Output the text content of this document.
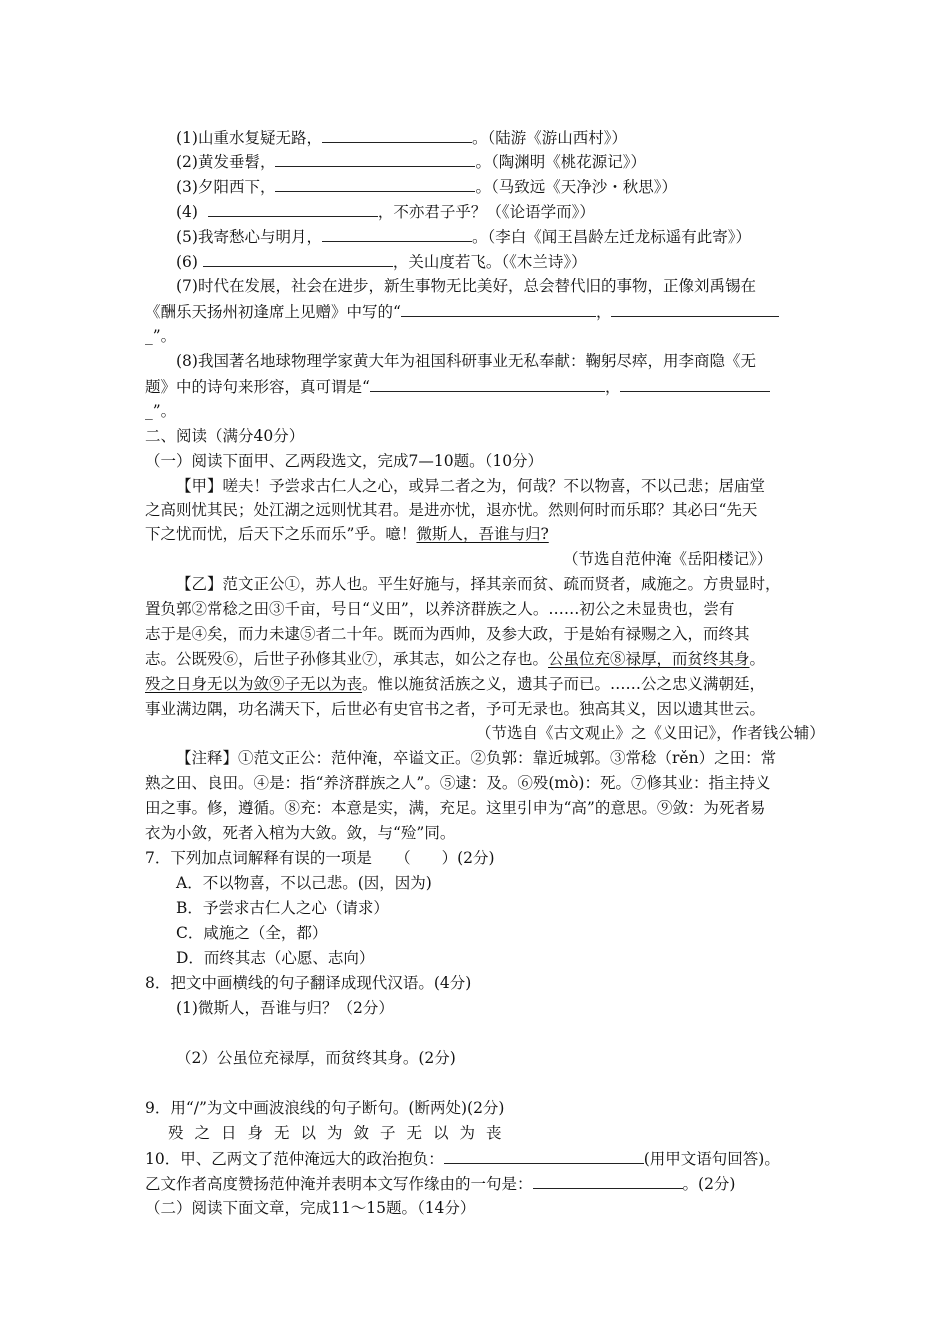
(1)山重水复疑无路，	。（陆游《游山西村》）
(2)黄发垂髫，	。（陶渊明《桃花源记》）
(3)夕阳西下，	。（马致远《天净沙・秋思》）
(4)	，不亦君子乎？（《论语学而》）
(5)我寄愁心与明月，	。（李白《闻王昌龄左迁龙标遥有此寄》）
(6)	，关山度若飞。（《木兰诗》）
(7)时代在发展，社会在进步，新生事物无比美好，总会替代旧的事物，正像刘禹锡在
《酬乐天扬州初逢席上见赠》中写的“	，
_”。
(8)我国著名地球物理学家黄大年为祖国科研事业无私奉献：鞠躬尽瘁，用李商隐《无
题》中的诗句来形容，真可谓是“	，
_”。
二、阅读（满分40分）
（一）阅读下面甲、乙两段选文，完成7—10题。（10分）
【甲】嗟夫！予尝求古仁人之心，或异二者之为，何哉？不以物喜，不以己悲；居庙堂
之高则忧其民；处江湖之远则忧其君。是进亦忧，退亦忧。然则何时而乐耶？其必曰“先天
下之忧而忧，后天下之乐而乐”乎。噫！微斯人，吾谁与归?
（节选自范仲淹《岳阳楼记》）
【乙】范文正公①，苏人也。平生好施与，择其亲而贫、疏而贤者，咸施之。方贵显时，
置负郭②常稔之田③千亩，号日“义田”，以养济群族之人。……初公之未显贵也，尝有
志于是④矣，而力未逮⑤者二十年。既而为西帅，及参大政，于是始有禄赐之入，而终其
志。公既殁⑥，后世子孙修其业⑦，承其志，如公之存也。公虽位充⑧禄厚，而贫终其身。
殁之日身无以为敛⑨子无以为丧。惟以施贫活族之义，遗其子而已。……公之忠义满朝廷，
事业满边隅，功名满天下，后世必有史官书之者，予可无录也。独高其义，因以遗其世云。
（节选自《古文观止》之《义田记》，作者钱公辅）
【注释】①范文正公：范仲淹，卒谥文正。②负郭：靠近城郭。③常稔（rěn）之田：常
熟之田、良田。④是：指“养济群族之人”。⑤逮：及。⑥殁(mò)：死。⑦修其业：指主持义
田之事。修，遵循。⑧充：本意是实，满，充足。这里引申为“高”的意思。⑨敛：为死者易
衣为小敛，死者入棺为大敛。敛，与“殓”同。
7．下列加点词解释有误的一项是　　（　　）(2分)
A．不以物喜，不以己悲。(因，因为)
B．予尝求古仁人之心（请求）
C．咸施之（全，都）
D．而终其志（心愿、志向）
8．把文中画横线的句子翻译成现代汉语。(4分)
(1)微斯人，吾谁与归？（2分）
（2）公虽位充禄厚，而贫终其身。(2分)
9．用“/”为文中画波浪线的句子断句。(断两处)(2分)
殁之日身无以为敛子无以为丧
10．甲、乙两文了范仲淹远大的政治抱负：	(用甲文语句回答)。
乙文作者高度赞扬范仲淹并表明本文写作缘由的一句是：	。(2分)
（二）阅读下面文章，完成11～15题。（14分）
